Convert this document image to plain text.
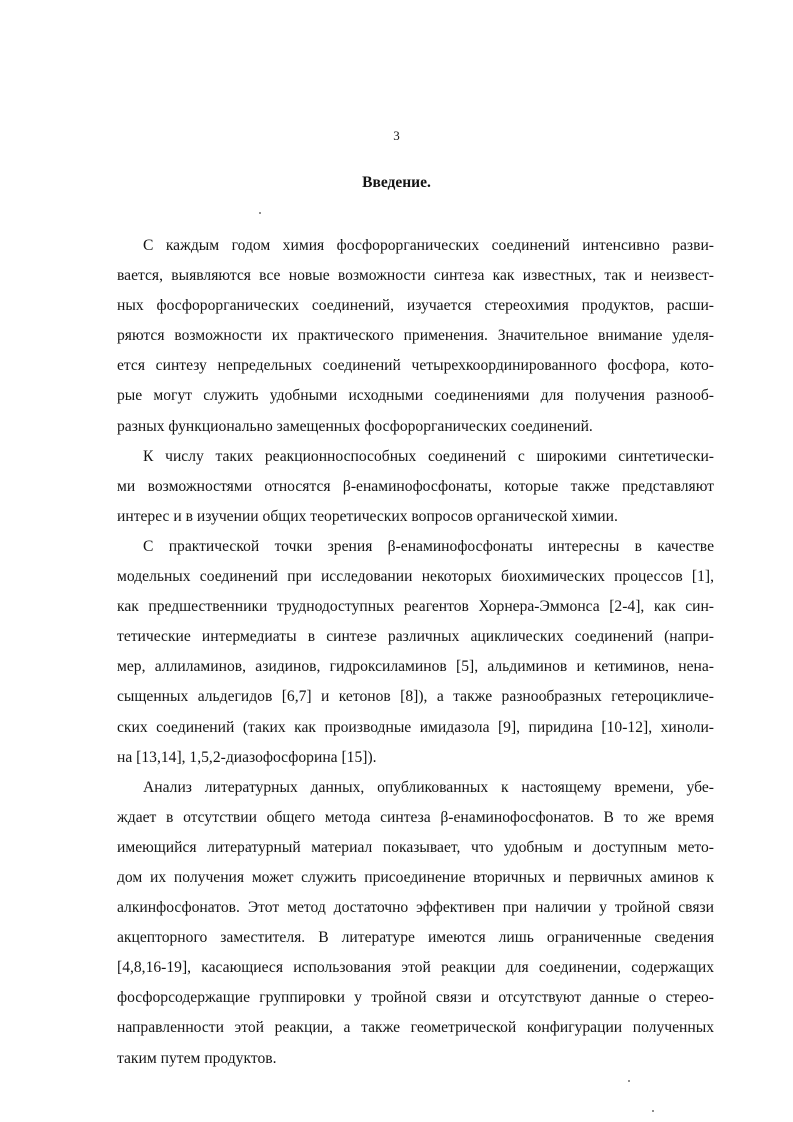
3
Введение.
С каждым годом химия фосфорорганических соединений интенсивно разви-
вается, выявляются все новые возможности синтеза как известных, так и неизвест-
ных фосфорорганических соединений, изучается стереохимия продуктов, расши-
ряются возможности их практического применения. Значительное внимание уделя-
ется синтезу непредельных соединений четырехкоординированного фосфора, кото-
рые могут служить удобными исходными соединениями для получения разнооб-
разных функционально замещенных фосфорорганических соединений.
К числу таких реакционноспособных соединений с широкими синтетически-
ми возможностями относятся β-енаминофосфонаты, которые также представляют
интерес и в изучении общих теоретических вопросов органической химии.
С практической точки зрения β-енаминофосфонаты интересны в качестве
модельных соединений при исследовании некоторых биохимических процессов [1],
как предшественники труднодоступных реагентов Хорнера-Эммонса [2-4], как син-
тетические интермедиаты в синтезе различных ациклических соединений (напри-
мер, аллиламинов, азидинов, гидроксиламинов [5], альдиминов и кетиминов, нена-
сыщенных альдегидов [6,7] и кетонов [8]), а также разнообразных гетероцикличе-
ских соединений (таких как производные имидазола [9], пиридина [10-12], хиноли-
на [13,14], 1,5,2-диазофосфорина [15]).
Анализ литературных данных, опубликованных к настоящему времени, убе-
ждает в отсутствии общего метода синтеза β-енаминофосфонатов. В то же время
имеющийся литературный материал показывает, что удобным и доступным мето-
дом их получения может служить присоединение вторичных и первичных аминов к
алкинфосфонатов. Этот метод достаточно эффективен при наличии у тройной связи
акцепторного заместителя. В литературе имеются лишь ограниченные сведения
[4,8,16-19], касающиеся использования этой реакции для соединении, содержащих
фосфорсодержащие группировки у тройной связи и отсутствуют данные о стерео-
направленности этой реакции, а также геометрической конфигурации полученных
таким путем продуктов.
